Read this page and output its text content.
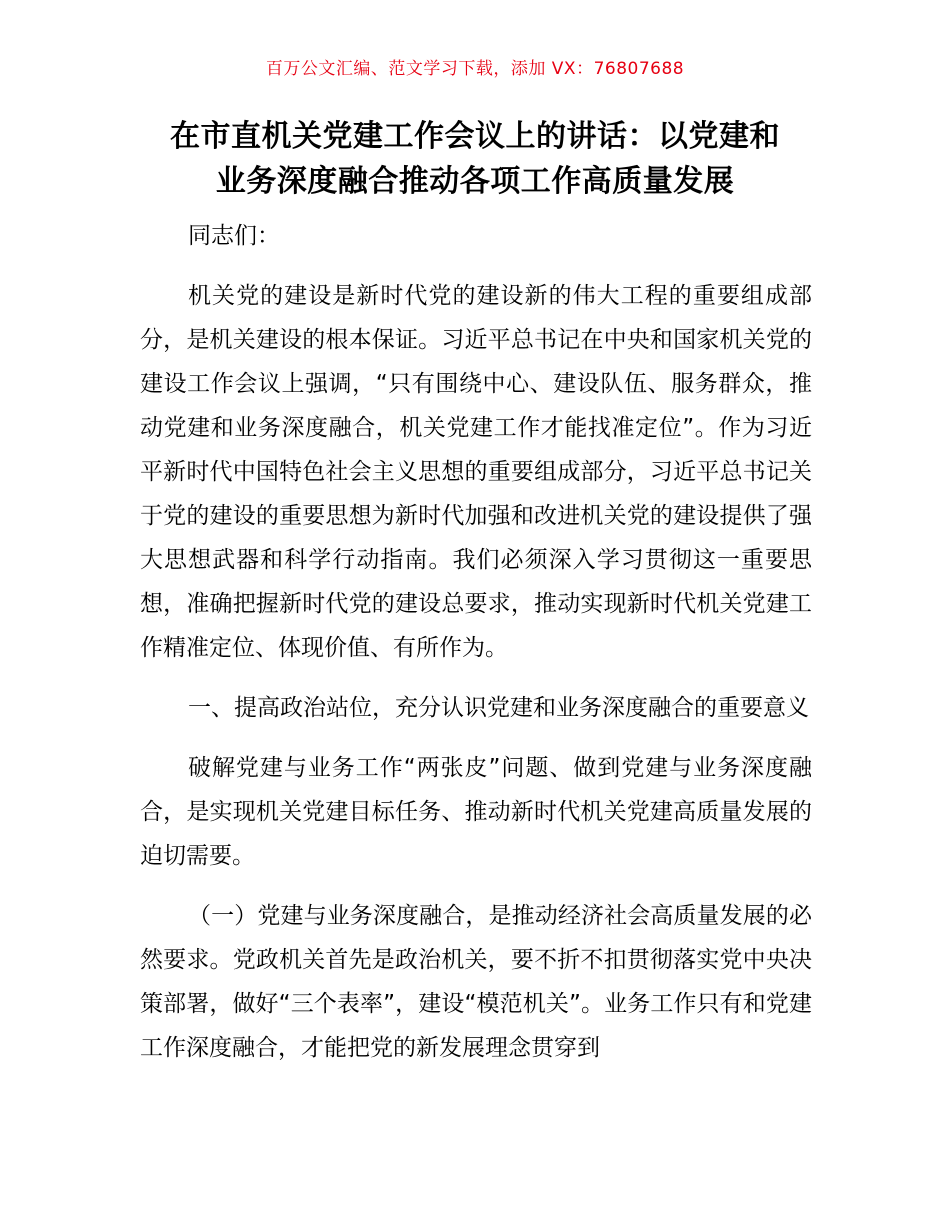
百万公文汇编、范文学习下载，添加 VX：76807688
在市直机关党建工作会议上的讲话：以党建和
业务深度融合推动各项工作高质量发展

同志们：

机关党的建设是新时代党的建设新的伟大工程的重要组成部分，是机关建设的根本保证。习近平总书记在中央和国家机关党的建设工作会议上强调，“只有围绕中心、建设队伍、服务群众，推动党建和业务深度融合，机关党建工作才能找准定位”。作为习近平新时代中国特色社会主义思想的重要组成部分，习近平总书记关于党的建设的重要思想为新时代加强和改进机关党的建设提供了强大思想武器和科学行动指南。我们必须深入学习贯彻这一重要思想，准确把握新时代党的建设总要求，推动实现新时代机关党建工作精准定位、体现价值、有所作为。

一、提高政治站位，充分认识党建和业务深度融合的重要意义

破解党建与业务工作“两张皮”问题、做到党建与业务深度融合，是实现机关党建目标任务、推动新时代机关党建高质量发展的迫切需要。

（一）党建与业务深度融合，是推动经济社会高质量发展的必然要求。党政机关首先是政治机关，要不折不扣贯彻落实党中央决策部署，做好“三个表率”，建设“模范机关”。业务工作只有和党建工作深度融合，才能把党的新发展理念贯穿到
